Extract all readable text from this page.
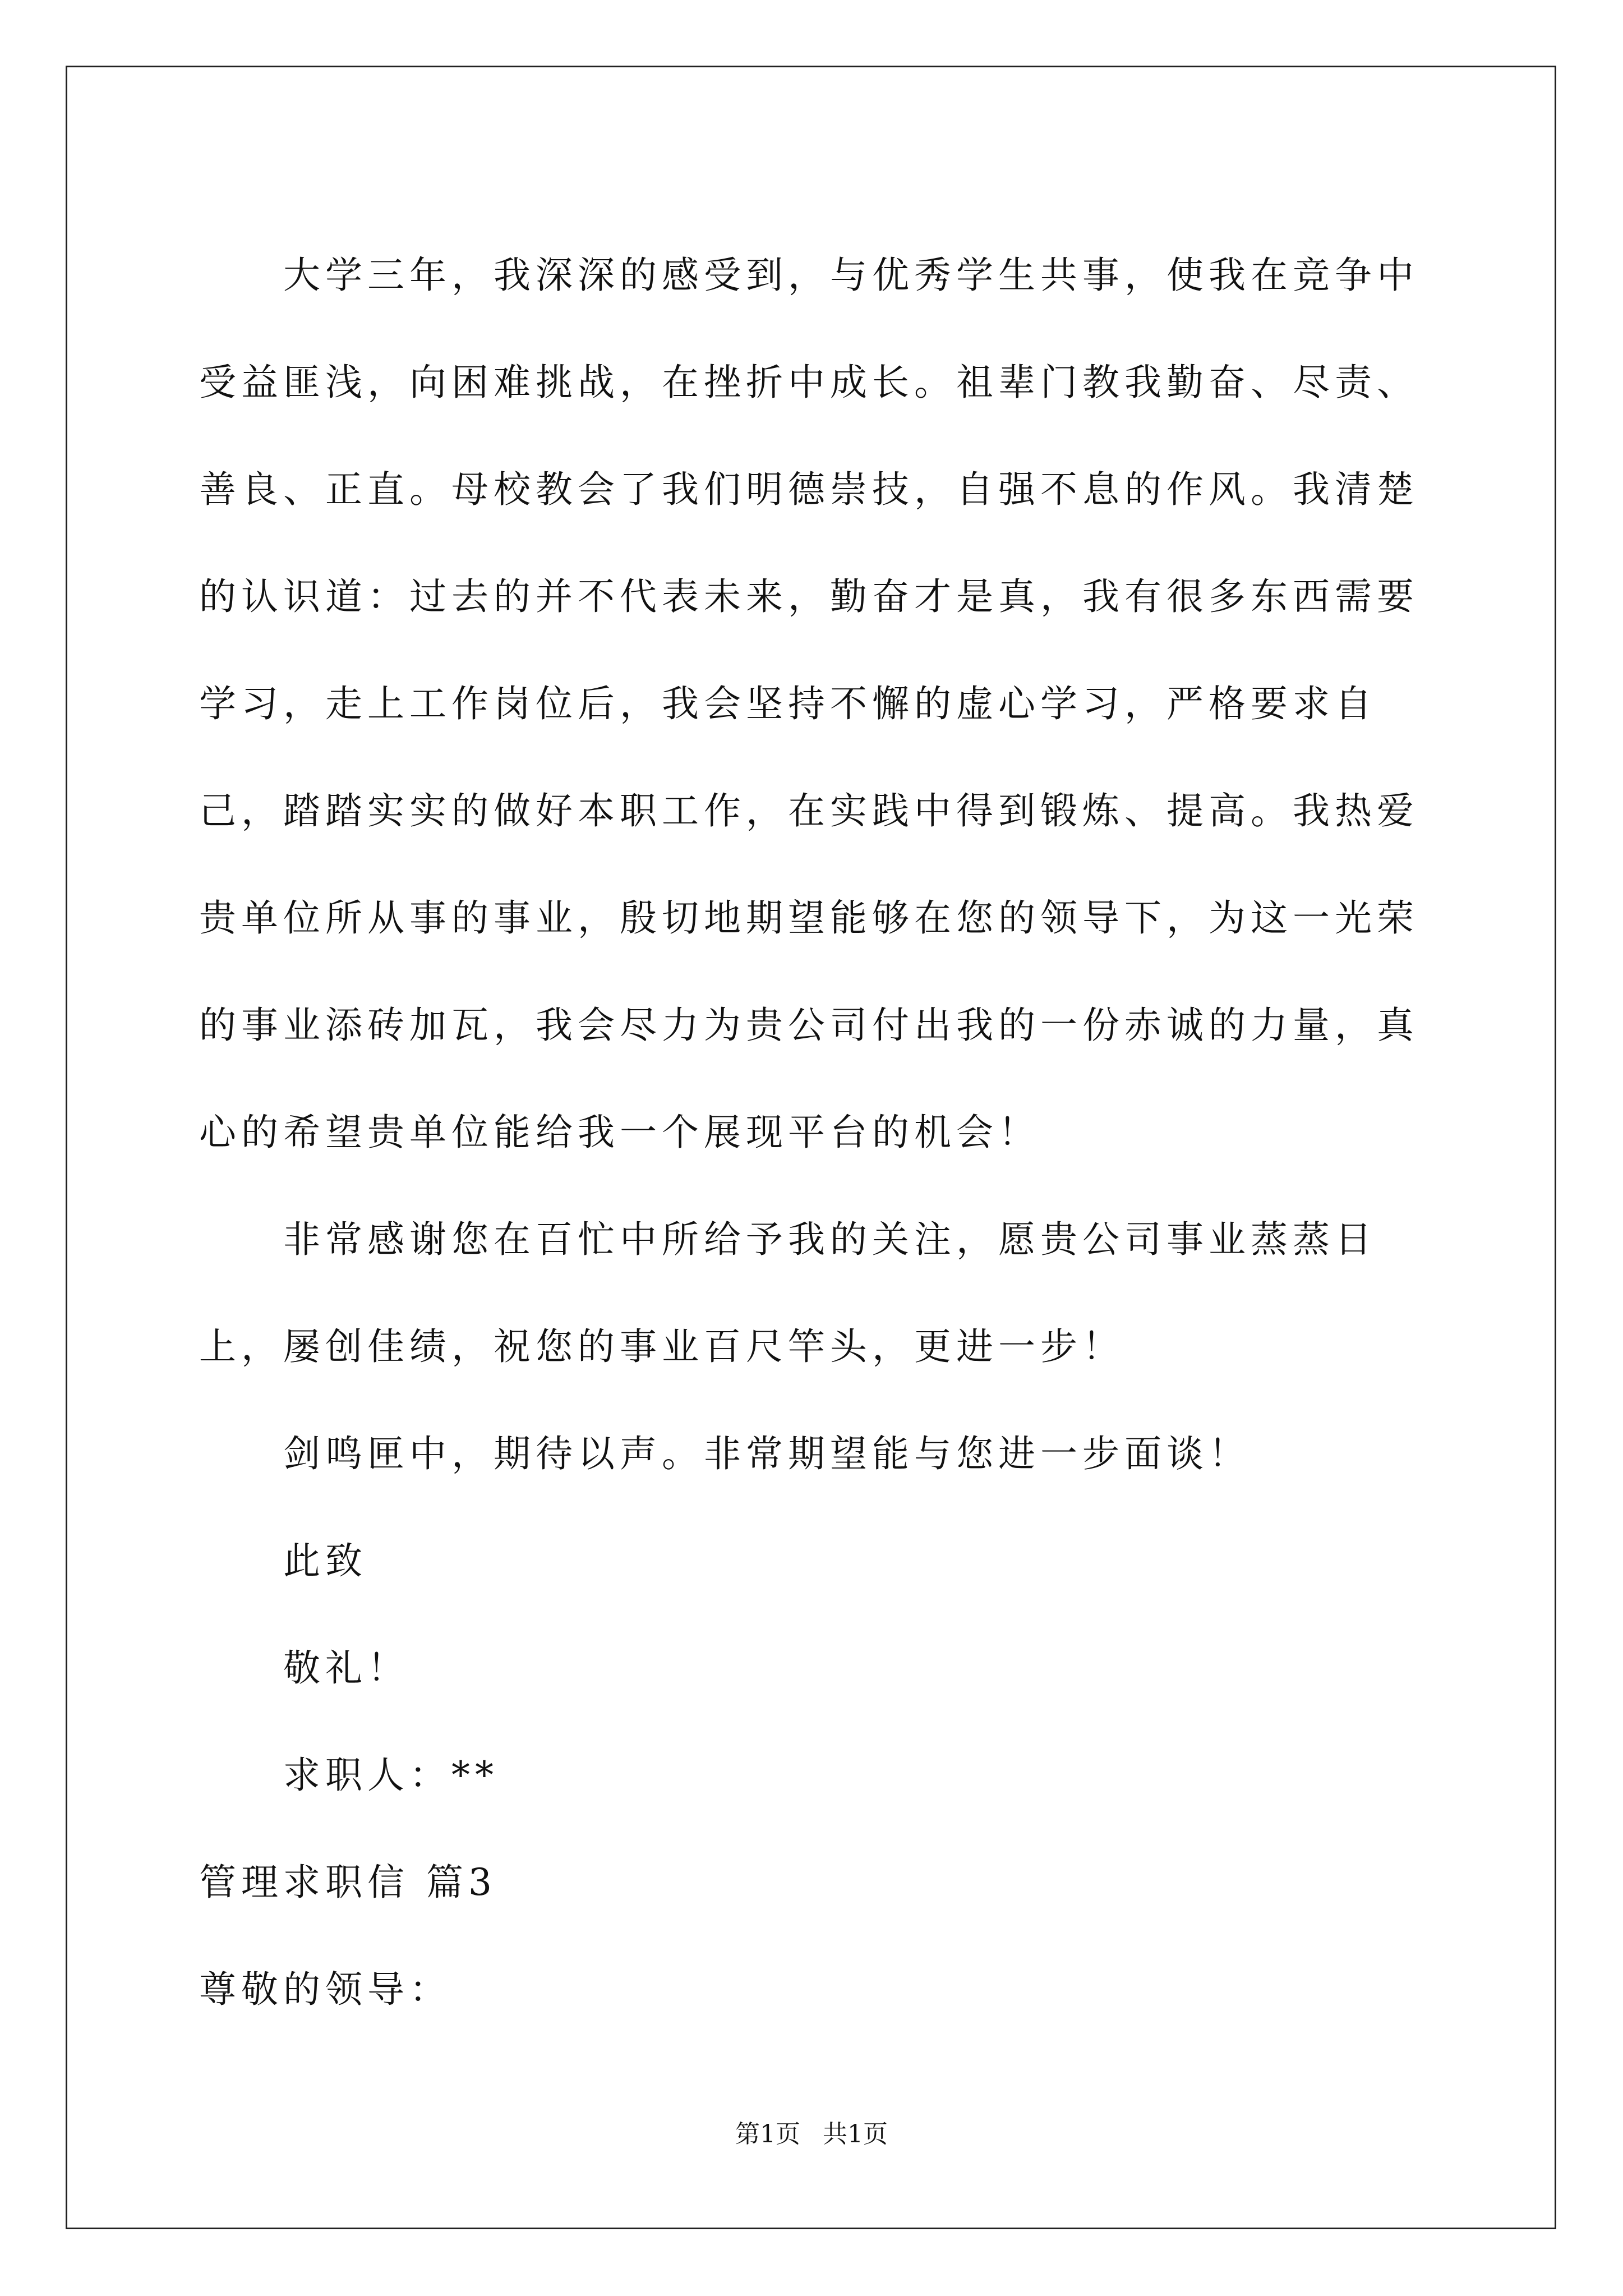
大学三年，我深深的感受到，与优秀学生共事，使我在竞争中受益匪浅，向困难挑战，在挫折中成长。祖辈门教我勤奋、尽责、善良、正直。母校教会了我们明德崇技，自强不息的作风。我清楚的认识道：过去的并不代表未来，勤奋才是真，我有很多东西需要学习，走上工作岗位后，我会坚持不懈的虚心学习，严格要求自己，踏踏实实的做好本职工作，在实践中得到锻炼、提高。我热爱贵单位所从事的事业，殷切地期望能够在您的领导下，为这一光荣的事业添砖加瓦，我会尽力为贵公司付出我的一份赤诚的力量，真心的希望贵单位能给我一个展现平台的机会！

非常感谢您在百忙中所给予我的关注，愿贵公司事业蒸蒸日上，屡创佳绩，祝您的事业百尺竿头，更进一步！

剑鸣匣中，期待以声。非常期望能与您进一步面谈！

此致

敬礼！

求职人：**

管理求职信 篇3

尊敬的领导：

第1页 共1页
